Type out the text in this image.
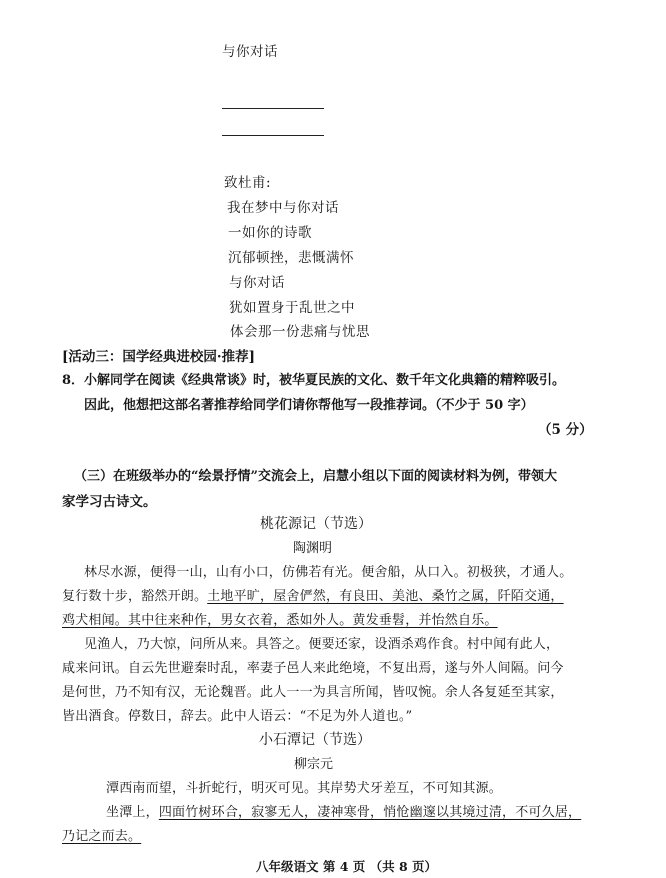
与你对话
致杜甫:
我在梦中与你对话
一如你的诗歌
沉郁顿挫，悲慨满怀
与你对话
犹如置身于乱世之中
体会那一份悲痛与忧思
[活动三：国学经典进校园·推荐]
8．小解同学在阅读《经典常谈》时，被华夏民族的文化、数千年文化典籍的精粹吸引。
因此，他想把这部名著推荐给同学们请你帮他写一段推荐词。（不少于 50 字）
（5 分）
（三）在班级举办的“绘景抒情”交流会上，启慧小组以下面的阅读材料为例，带领大
家学习古诗文。
桃花源记（节选）
陶渊明
林尽水源，便得一山，山有小口，仿佛若有光。便舍船，从口入。初极狭，才通人。
复行数十步，豁然开朗。土地平旷，屋舍俨然，有良田、美池、桑竹之属，阡陌交通，
鸡犬相闻。其中往来种作，男女衣着，悉如外人。黄发垂髫，并怡然自乐。
见渔人，乃大惊，问所从来。具答之。便要还家，设酒杀鸡作食。村中闻有此人，
咸来问讯。自云先世避秦时乱，率妻子邑人来此绝境，不复出焉，遂与外人间隔。问今
是何世，乃不知有汉，无论魏晋。此人一一为具言所闻，皆叹惋。余人各复延至其家，
皆出酒食。停数日，辞去。此中人语云：“不足为外人道也。”
小石潭记（节选）
柳宗元
潭西南而望，斗折蛇行，明灭可见。其岸势犬牙差互，不可知其源。
坐潭上，四面竹树环合，寂寥无人，凄神寒骨，悄怆幽邃以其境过清，不可久居，
乃记之而去。
八年级语文 第 4 页 （共 8 页）
